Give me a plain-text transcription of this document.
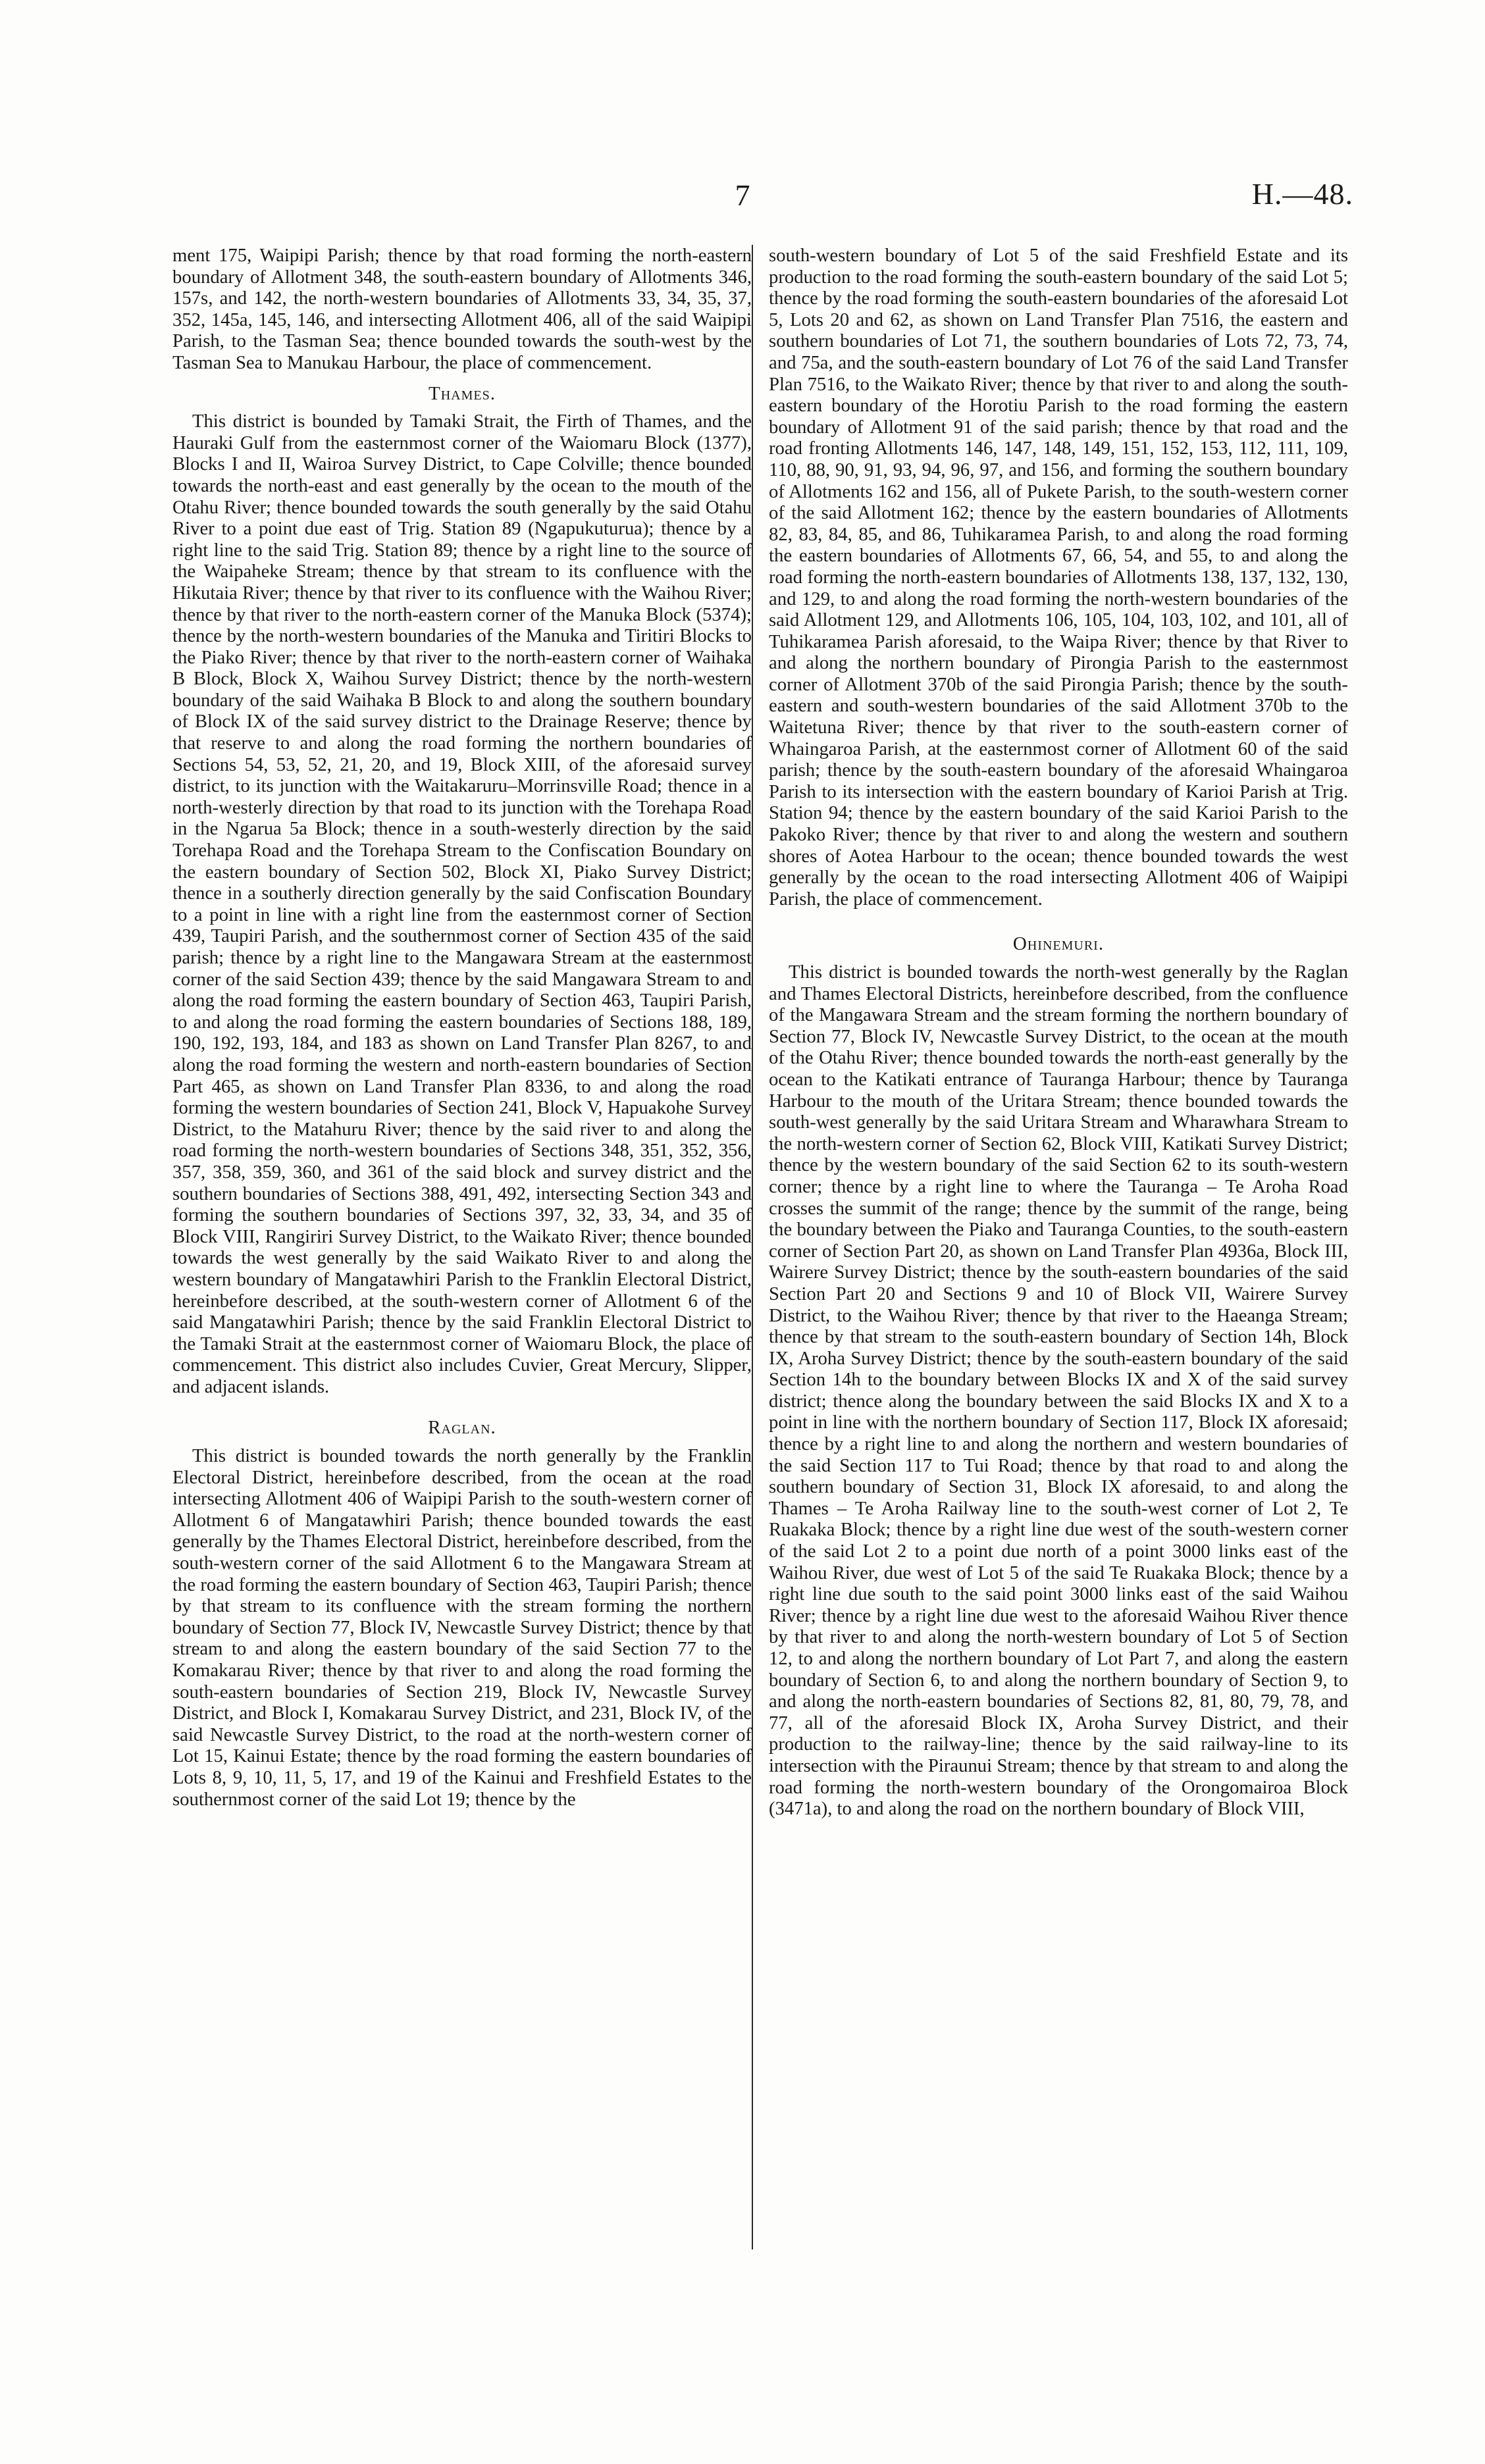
7	H.—48.

ment 175, Waipipi Parish; thence by that road forming the north-eastern boundary of Allotment 348, the south-eastern boundary of Allotments 346, 157s, and 142, the north-western boundaries of Allotments 33, 34, 35, 37, 352, 145a, 145, 146, and intersecting Allotment 406, all of the said Waipipi Parish, to the Tasman Sea; thence bounded towards the south-west by the Tasman Sea to Manukau Harbour, the place of commencement.

Thames.

This district is bounded by Tamaki Strait, the Firth of Thames, and the Hauraki Gulf from the easternmost corner of the Waiomaru Block (1377), Blocks I and II, Wairoa Survey District, to Cape Colville; thence bounded towards the north-east and east generally by the ocean to the mouth of the Otahu River; thence bounded towards the south generally by the said Otahu River to a point due east of Trig. Station 89 (Ngapukuturua); thence by a right line to the said Trig. Station 89; thence by a right line to the source of the Waipaheke Stream; thence by that stream to its confluence with the Hikutaia River; thence by that river to its confluence with the Waihou River; thence by that river to the north-eastern corner of the Manuka Block (5374); thence by the north-western boundaries of the Manuka and Tiritiri Blocks to the Piako River; thence by that river to the north-eastern corner of Waihaka B Block, Block X, Waihou Survey District; thence by the north-western boundary of the said Waihaka B Block to and along the southern boundary of Block IX of the said survey district to the Drainage Reserve; thence by that reserve to and along the road forming the northern boundaries of Sections 54, 53, 52, 21, 20, and 19, Block XIII, of the aforesaid survey district, to its junction with the Waitakaruru–Morrinsville Road; thence in a north-westerly direction by that road to its junction with the Torehapa Road in the Ngarua 5a Block; thence in a south-westerly direction by the said Torehapa Road and the Torehapa Stream to the Confiscation Boundary on the eastern boundary of Section 502, Block XI, Piako Survey District; thence in a southerly direction generally by the said Confiscation Boundary to a point in line with a right line from the easternmost corner of Section 439, Taupiri Parish, and the southernmost corner of Section 435 of the said parish; thence by a right line to the Mangawara Stream at the easternmost corner of the said Section 439; thence by the said Mangawara Stream to and along the road forming the eastern boundary of Section 463, Taupiri Parish, to and along the road forming the eastern boundaries of Sections 188, 189, 190, 192, 193, 184, and 183 as shown on Land Transfer Plan 8267, to and along the road forming the western and north-eastern boundaries of Section Part 465, as shown on Land Transfer Plan 8336, to and along the road forming the western boundaries of Section 241, Block V, Hapuakohe Survey District, to the Matahuru River; thence by the said river to and along the road forming the north-western boundaries of Sections 348, 351, 352, 356, 357, 358, 359, 360, and 361 of the said block and survey district and the southern boundaries of Sections 388, 491, 492, intersecting Section 343 and forming the southern boundaries of Sections 397, 32, 33, 34, and 35 of Block VIII, Rangiriri Survey District, to the Waikato River; thence bounded towards the west generally by the said Waikato River to and along the western boundary of Mangatawhiri Parish to the Franklin Electoral District, hereinbefore described, at the south-western corner of Allotment 6 of the said Mangatawhiri Parish; thence by the said Franklin Electoral District to the Tamaki Strait at the easternmost corner of Waiomaru Block, the place of commencement. This district also includes Cuvier, Great Mercury, Slipper, and adjacent islands.

Raglan.

This district is bounded towards the north generally by the Franklin Electoral District, hereinbefore described, from the ocean at the road intersecting Allotment 406 of Waipipi Parish to the south-western corner of Allotment 6 of Mangatawhiri Parish; thence bounded towards the east generally by the Thames Electoral District, hereinbefore described, from the south-western corner of the said Allotment 6 to the Mangawara Stream at the road forming the eastern boundary of Section 463, Taupiri Parish; thence by that stream to its confluence with the stream forming the northern boundary of Section 77, Block IV, Newcastle Survey District; thence by that stream to and along the eastern boundary of the said Section 77 to the Komakarau River; thence by that river to and along the road forming the south-eastern boundaries of Section 219, Block IV, Newcastle Survey District, and Block I, Komakarau Survey District, and 231, Block IV, of the said Newcastle Survey District, to the road at the north-western corner of Lot 15, Kainui Estate; thence by the road forming the eastern boundaries of Lots 8, 9, 10, 11, 5, 17, and 19 of the Kainui and Freshfield Estates to the southernmost corner of the said Lot 19; thence by the

south-western boundary of Lot 5 of the said Freshfield Estate and its production to the road forming the south-eastern boundary of the said Lot 5; thence by the road forming the south-eastern boundaries of the aforesaid Lot 5, Lots 20 and 62, as shown on Land Transfer Plan 7516, the eastern and southern boundaries of Lot 71, the southern boundaries of Lots 72, 73, 74, and 75a, and the south-eastern boundary of Lot 76 of the said Land Transfer Plan 7516, to the Waikato River; thence by that river to and along the south-eastern boundary of the Horotiu Parish to the road forming the eastern boundary of Allotment 91 of the said parish; thence by that road and the road fronting Allotments 146, 147, 148, 149, 151, 152, 153, 112, 111, 109, 110, 88, 90, 91, 93, 94, 96, 97, and 156, and forming the southern boundary of Allotments 162 and 156, all of Pukete Parish, to the south-western corner of the said Allotment 162; thence by the eastern boundaries of Allotments 82, 83, 84, 85, and 86, Tuhikaramea Parish, to and along the road forming the eastern boundaries of Allotments 67, 66, 54, and 55, to and along the road forming the north-eastern boundaries of Allotments 138, 137, 132, 130, and 129, to and along the road forming the north-western boundaries of the said Allotment 129, and Allotments 106, 105, 104, 103, 102, and 101, all of Tuhikaramea Parish aforesaid, to the Waipa River; thence by that River to and along the northern boundary of Pirongia Parish to the easternmost corner of Allotment 370b of the said Pirongia Parish; thence by the south-eastern and south-western boundaries of the said Allotment 370b to the Waitetuna River; thence by that river to the south-eastern corner of Whaingaroa Parish, at the easternmost corner of Allotment 60 of the said parish; thence by the south-eastern boundary of the aforesaid Whaingaroa Parish to its intersection with the eastern boundary of Karioi Parish at Trig. Station 94; thence by the eastern boundary of the said Karioi Parish to the Pakoko River; thence by that river to and along the western and southern shores of Aotea Harbour to the ocean; thence bounded towards the west generally by the ocean to the road intersecting Allotment 406 of Waipipi Parish, the place of commencement.

Ohinemuri.

This district is bounded towards the north-west generally by the Raglan and Thames Electoral Districts, hereinbefore described, from the confluence of the Mangawara Stream and the stream forming the northern boundary of Section 77, Block IV, Newcastle Survey District, to the ocean at the mouth of the Otahu River; thence bounded towards the north-east generally by the ocean to the Katikati entrance of Tauranga Harbour; thence by Tauranga Harbour to the mouth of the Uritara Stream; thence bounded towards the south-west generally by the said Uritara Stream and Wharawhara Stream to the north-western corner of Section 62, Block VIII, Katikati Survey District; thence by the western boundary of the said Section 62 to its south-western corner; thence by a right line to where the Tauranga – Te Aroha Road crosses the summit of the range; thence by the summit of the range, being the boundary between the Piako and Tauranga Counties, to the south-eastern corner of Section Part 20, as shown on Land Transfer Plan 4936a, Block III, Wairere Survey District; thence by the south-eastern boundaries of the said Section Part 20 and Sections 9 and 10 of Block VII, Wairere Survey District, to the Waihou River; thence by that river to the Haeanga Stream; thence by that stream to the south-eastern boundary of Section 14h, Block IX, Aroha Survey District; thence by the south-eastern boundary of the said Section 14h to the boundary between Blocks IX and X of the said survey district; thence along the boundary between the said Blocks IX and X to a point in line with the northern boundary of Section 117, Block IX aforesaid; thence by a right line to and along the northern and western boundaries of the said Section 117 to Tui Road; thence by that road to and along the southern boundary of Section 31, Block IX aforesaid, to and along the Thames – Te Aroha Railway line to the south-west corner of Lot 2, Te Ruakaka Block; thence by a right line due west of the south-western corner of the said Lot 2 to a point due north of a point 3000 links east of the Waihou River, due west of Lot 5 of the said Te Ruakaka Block; thence by a right line due south to the said point 3000 links east of the said Waihou River; thence by a right line due west to the aforesaid Waihou River thence by that river to and along the north-western boundary of Lot 5 of Section 12, to and along the northern boundary of Lot Part 7, and along the eastern boundary of Section 6, to and along the northern boundary of Section 9, to and along the north-eastern boundaries of Sections 82, 81, 80, 79, 78, and 77, all of the aforesaid Block IX, Aroha Survey District, and their production to the railway-line; thence by the said railway-line to its intersection with the Piraunui Stream; thence by that stream to and along the road forming the north-western boundary of the Orongomairoa Block (3471a), to and along the road on the northern boundary of Block VIII,
